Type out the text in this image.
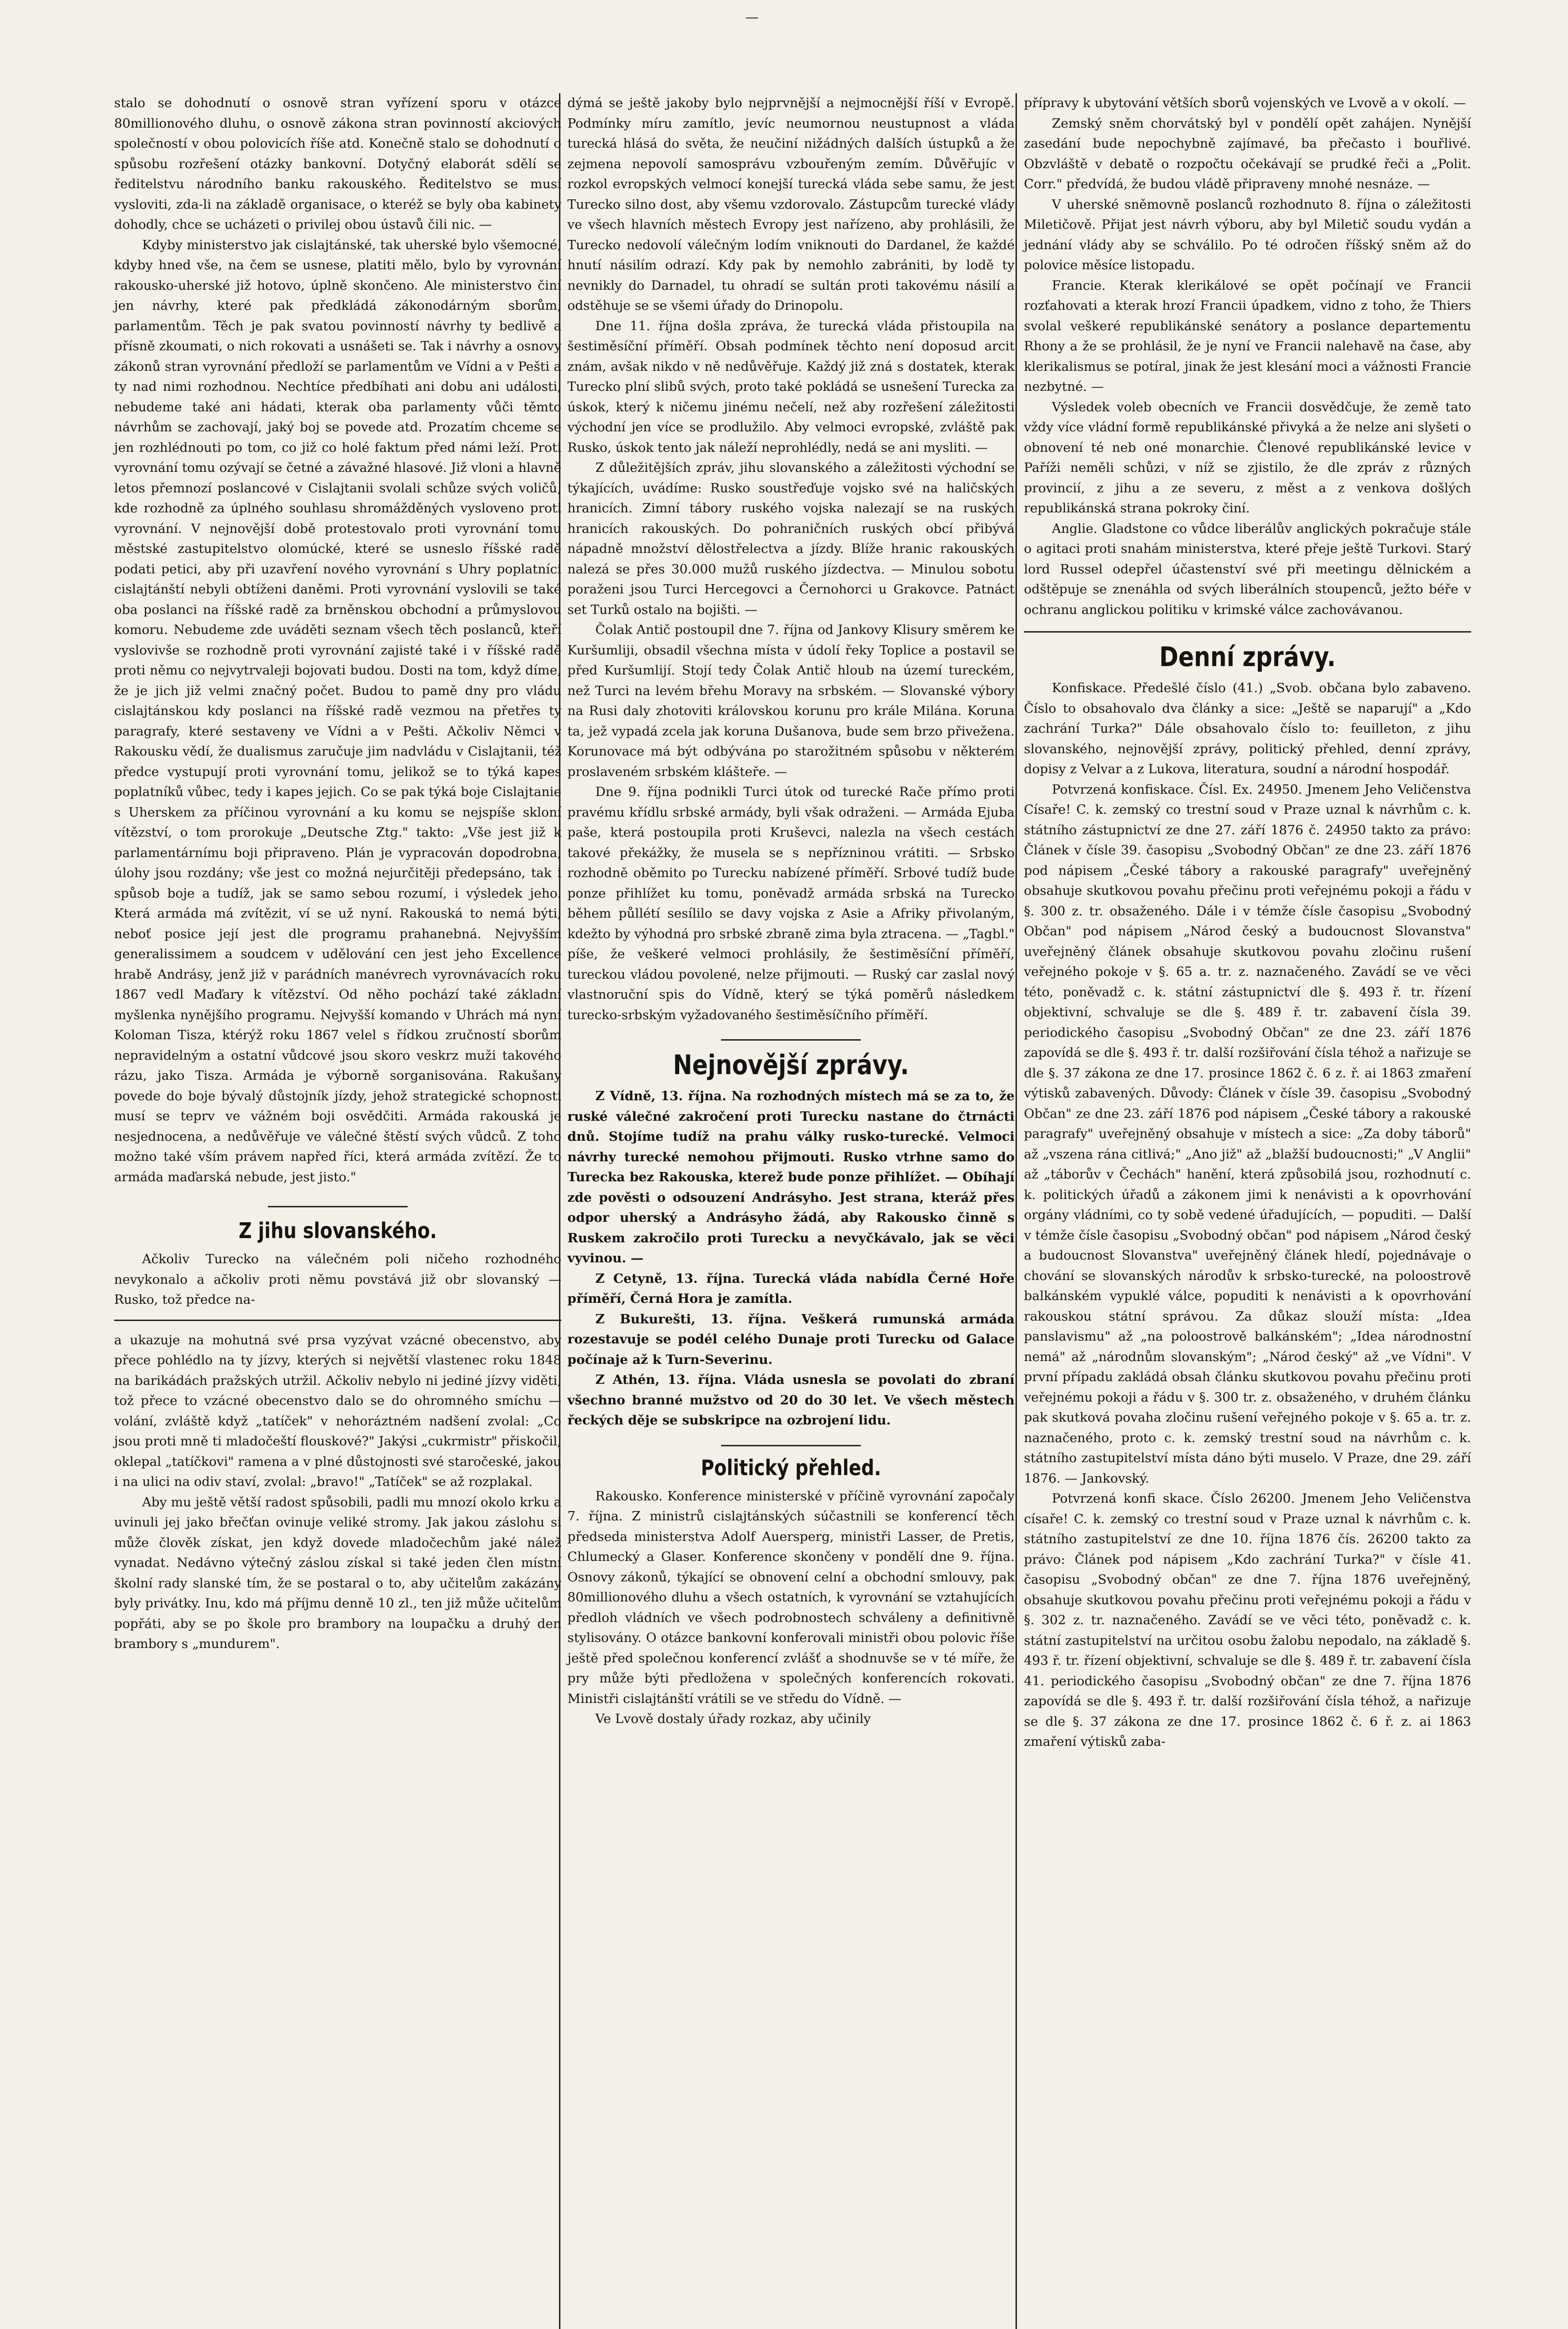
—

stalo se dohodnutí o osnově stran vyřízení sporu v otázce 80millionového dluhu, o osnově zákona stran povinností akciových společností v obou polovicích říše atd. Konečně stalo se dohodnutí o spůsobu rozřešení otázky bankovní. Dotyčný elaborát sdělí se ředitelstvu národního banku rakouského. Ředitelstvo se musí vysloviti, zda-li na základě organisace, o kteréž se byly oba kabinety dohodly, chce se ucházeti o privilej obou ústavů čili nic. —

Kdyby ministerstvo jak cislajtánské, tak uherské bylo všemocné, kdyby hned vše, na čem se usnese, platiti mělo, bylo by vyrovnání rakousko-uherské již hotovo, úplně skončeno. Ale ministerstvo činí jen návrhy, které pak předkládá zákonodárným sborům, parlamentům. Těch je pak svatou povinností návrhy ty bedlivě a přísně zkoumati, o nich rokovati a usnášeti se. Tak i návrhy a osnovy zákonů stran vyrovnání předloží se parlamentům ve Vídni a v Pešti a ty nad nimi rozhodnou. Nechtíce předbíhati ani dobu ani události, nebudeme také ani hádati, kterak oba parlamenty vůči těmto návrhům se zachovají, jaký boj se povede atd. Prozatím chceme se jen rozhlédnouti po tom, co již co holé faktum před námi leží. Proti vyrovnání tomu ozývají se četné a závažné hlasové. Již vloni a hlavně letos přemnozí poslancové v Cislajtanii svolali schůze svých voličů, kde rozhodně za úplného souhlasu shromážděných vysloveno proti vyrovnání. V nejnovější době protestovalo proti vyrovnání tomu městské zastupitelstvo olomúcké, které se usneslo říšské radě podati petici, aby při uzavření nového vyrovnání s Uhry poplatníci cislajtánští nebyli obtíženi daněmi. Proti vyrovnání vyslovili se také oba poslanci na říšské radě za brněnskou obchodní a průmyslovou komoru. Nebudeme zde uváděti seznam všech těch poslanců, kteří vyslovivše se rozhodně proti vyrovnání zajisté také i v říšské radě proti němu co nejvytrvaleji bojovati budou. Dosti na tom, když díme, že je jich již velmi značný počet. Budou to pamě dny pro vládu cislajtánskou kdy poslanci na říšské radě vezmou na přetřes ty paragrafy, které sestaveny ve Vídni a v Pešti. Ačkoliv Němci v Rakousku vědí, že dualismus zaručuje jim nadvládu v Cislajtanii, též předce vystupují proti vyrovnání tomu, jelikož se to týká kapes poplatníků vůbec, tedy i kapes jejich. Co se pak týká boje Cislajtanie s Uherskem za příčinou vyrovnání a ku komu se nejspíše skloní vítězství, o tom prorokuje „Deutsche Ztg." takto: „Vše jest již k parlamentárnímu boji připraveno. Plán je vypracován dopodrobna, úlohy jsou rozdány; vše jest co možná nejurčitěji předepsáno, tak i spůsob boje a tudíž, jak se samo sebou rozumí, i výsledek jeho. Která armáda má zvítězit, ví se už nyní. Rakouská to nemá býti, neboť posice její jest dle programu prahanebná. Nejvyšším generalissimem a soudcem v udělování cen jest jeho Excellence hrabě Andrásy, jenž již v parádních manévrech vyrovnávacích roku 1867 vedl Maďary k vítězství. Od něho pochází také základní myšlenka nynějšího programu. Nejvyšší komando v Uhrách má nyní Koloman Tisza, ktérýž roku 1867 velel s řídkou zručností sborům nepravidelným a ostatní vůdcové jsou skoro veskrz muži takového rázu, jako Tisza. Armáda je výborně sorganisována. Rakušany povede do boje bývalý důstojník jízdy, jehož strategické schopnosti musí se teprv ve vážném boji osvědčiti. Armáda rakouská je nesjednocena, a nedůvěřuje ve válečné štěstí svých vůdců. Z toho možno také vším právem napřed říci, která armáda zvítězí. Že to armáda maďarská nebude, jest jisto."

Z jihu slovanského.

Ačkoliv Turecko na válečném poli ničeho rozhodného nevykonalo a ačkoliv proti němu povstává již obr slovanský — Rusko, tož předce na-

a ukazuje na mohutná své prsa vyzývat vzácné obecenstvo, aby přece pohlédlo na ty jízvy, kterých si největší vlastenec roku 1848 na barikádách pražských utržil. Ačkoliv nebylo ni jediné jízvy viděti, tož přece to vzácné obecenstvo dalo se do ohromného smíchu — volání, zvláště když „tatíček" v nehoráztném nadšení zvolal: „Co jsou proti mně ti mladočeští flouskové?" Jakýsi „cukrmistr" přiskočil, oklepal „tatíčkovi" ramena a v plné důstojnosti své staročeské, jakou i na ulici na odiv staví, zvolal: „bravo!" „Tatíček" se až rozplakal.

Aby mu ještě větší radost spůsobili, padli mu mnozí okolo krku a uvinuli jej jako břečťan ovinuje veliké stromy. Jak jakou záslohu si může člověk získat, jen když dovede mladočechům jaké nálež vynadat. Nedávno výtečný záslou získal si také jeden člen místní školní rady slanské tím, že se postaral o to, aby učitelům zakázány byly privátky. Inu, kdo má příjmu denně 10 zl., ten již může učitelům popřáti, aby se po škole pro brambory na loupačku a druhý den brambory s „mundurem".

dýmá se ještě jakoby bylo nejprvnější a nejmocnější říší v Evropě. Podmínky míru zamítlo, jevíc neumornou neustupnost a vláda turecká hlásá do světa, že neučiní nižádných dalších ústupků a že zejmena nepovolí samosprávu vzbouřeným zemím. Důvěřujíc v rozkol evropských velmocí konejší turecká vláda sebe samu, že jest Turecko silno dost, aby všemu vzdorovalo. Zástupcům turecké vlády ve všech hlavních městech Evropy jest nařízeno, aby prohlásili, že Turecko nedovolí válečným lodím vniknouti do Dardanel, že každé hnutí násilím odrazí. Kdy pak by nemohlo zabrániti, by lodě ty nevnikly do Darnadel, tu ohradí se sultán proti takovému násilí a odstěhuje se se všemi úřady do Drinopolu.

Dne 11. října došla zpráva, že turecká vláda přistoupila na šestiměsíční příměří. Obsah podmínek těchto není doposud arcit znám, avšak nikdo v ně nedůvěřuje. Každý již zná s dostatek, kterak Turecko plní slibů svých, proto také pokládá se usnešení Turecka za úskok, který k ničemu jinému nečelí, než aby rozřešení záležitosti východní jen více se prodlužilo. Aby velmoci evropské, zvláště pak Rusko, úskok tento jak náleží neprohlédly, nedá se ani mysliti. —

Z důležitějších zpráv, jihu slovanského a záležitosti východní se týkajících, uvádíme: Rusko soustřeďuje vojsko své na haličských hranicích. Zimní tábory ruského vojska nalezají se na ruských hranicích rakouských. Do pohraničních ruských obcí přibývá nápadně množství dělostřelectva a jízdy. Blíže hranic rakouských nalezá se přes 30.000 mužů ruského jízdectva. — Minulou sobotu poraženi jsou Turci Hercegovci a Černohorci u Grakovce. Patnáct set Turků ostalo na bojišti. —

Čolak Antič postoupil dne 7. října od Jankovy Klisury směrem ke Kuršumliji, obsadil všechna místa v údolí řeky Toplice a postavil se před Kuršumlijí. Stojí tedy Čolak Antič hloub na území tureckém, než Turci na levém břehu Moravy na srbském. — Slovanské výbory na Rusi daly zhotoviti královskou korunu pro krále Milána. Koruna ta, jež vypadá zcela jak koruna Dušanova, bude sem brzo přivežena. Korunovace má být odbývána po starožitném spůsobu v některém proslaveném srbském klášteře. —

Dne 9. října podnikli Turci útok od turecké Rače přímo proti pravému křídlu srbské armády, byli však odraženi. — Armáda Ejuba paše, která postoupila proti Kruševci, nalezla na všech cestách takové překážky, že musela se s nepřízninou vrátiti. — Srbsko rozhodně oběmito po Turecku nabízené příměří. Srbové tudíž bude ponze přihlížet ku tomu, poněvadž armáda srbská na Turecko během půllétí sesílilo se davy vojska z Asie a Afriky přivolaným, kdežto by výhodná pro srbské zbraně zima byla ztracena. — „Tagbl." píše, že veškeré velmoci prohlásily, že šestiměsíční příměří, tureckou vládou povolené, nelze přijmouti. — Ruský car zaslal nový vlastnoruční spis do Vídně, který se týká poměrů následkem turecko-srbským vyžadovaného šestiměsíčního příměří.

Nejnovější zprávy.

Z Vídně, 13. října. Na rozhodných místech má se za to, že ruské válečné zakročení proti Turecku nastane do čtrnácti dnů. Stojíme tudíž na prahu války rusko-turecké. Velmoci návrhy turecké nemohou přijmouti. Rusko vtrhne samo do Turecka bez Rakouska, kterež bude ponze přihlížet. — Obíhají zde pověsti o odsouzení Andrásyho. Jest strana, kteráž přes odpor uherský a Andrásyho žádá, aby Rakousko činně s Ruskem zakročilo proti Turecku a nevyčkávalo, jak se věci vyvinou. —

Z Cetyně, 13. října. Turecká vláda nabídla Černé Hoře příměří, Černá Hora je zamítla.

Z Bukurešti, 13. října. Veškerá rumunská armáda rozestavuje se podél celého Dunaje proti Turecku od Galace počínaje až k Turn-Severinu.

Z Athén, 13. října. Vláda usnesla se povolati do zbraní všechno branné mužstvo od 20 do 30 let. Ve všech městech řeckých děje se subskripce na ozbrojení lidu.

Politický přehled.

Rakousko. Konference ministerské v příčině vyrovnání započaly 7. října. Z ministrů cislajtánských súčastnili se konferencí těch předseda ministerstva Adolf Auersperg, ministři Lasser, de Pretis, Chlumecký a Glaser. Konference skončeny v pondělí dne 9. října. Osnovy zákonů, týkající se obnovení celní a obchodní smlouvy, pak 80millionového dluhu a všech ostatních, k vyrovnání se vztahujících předloh vládních ve všech podrobnostech schváleny a definitivně stylisovány. O otázce bankovní konferovali ministři obou polovic říše ještě před společnou konferencí zvlášť a shodnuvše se v té míře, že pry může býti předložena v společných konferencích rokovati. Ministři cislajtánští vrátili se ve středu do Vídně. —

Ve Lvově dostaly úřady rozkaz, aby učinily

přípravy k ubytování větších sborů vojenských ve Lvově a v okolí. —

Zemský sněm chorvátský byl v pondělí opět zahájen. Nynější zasedání bude nepochybně zajímavé, ba přečasto i bouřlivé. Obzvláště v debatě o rozpočtu očekávají se prudké řeči a „Polit. Corr." předvídá, že budou vládě připraveny mnohé nesnáze. —

V uherské sněmovně poslanců rozhodnuto 8. října o záležitosti Miletičově. Přijat jest návrh výboru, aby byl Miletič soudu vydán a jednání vlády aby se schválilo. Po té odročen říšský sněm až do polovice měsíce listopadu.

Francie. Kterak klerikálové se opět počínají ve Francii rozťahovati a kterak hrozí Francii úpadkem, vidno z toho, že Thiers svolal veškeré republikánské senátory a poslance departementu Rhony a že se prohlásil, že je nyní ve Francii nalehavě na čase, aby klerikalismus se potíral, jinak že jest klesání moci a vážnosti Francie nezbytné. —

Výsledek voleb obecních ve Francii dosvědčuje, že země tato vždy více vládní formě republikánské přivyká a že nelze ani slyšeti o obnovení té neb oné monarchie. Členové republikánské levice v Paříži neměli schůzi, v níž se zjistilo, že dle zpráv z různých provincií, z jihu a ze severu, z měst a z venkova došlých republikánská strana pokroky činí.

Anglie. Gladstone co vůdce liberálův anglických pokračuje stále o agitaci proti snahám ministerstva, které přeje ještě Turkovi. Starý lord Russel odepřel účastenství své při meetingu dělnickém a odštěpuje se znenáhla od svých liberálních stoupenců, ježto béře v ochranu anglickou politiku v krimské válce zachovávanou.

Denní zprávy.

Konfiskace. Předešlé číslo (41.) „Svob. občana bylo zabaveno. Číslo to obsahovalo dva články a sice: „Ještě se naparují" a „Kdo zachrání Turka?" Dále obsahovalo číslo to: feuilleton, z jihu slovanského, nejnovější zprávy, politický přehled, denní zprávy, dopisy z Velvar a z Lukova, literatura, soudní a národní hospodář.

Potvrzená konfiskace. Čísl. Ex. 24950. Jmenem Jeho Veličenstva Císaře! C. k. zemský co trestní soud v Praze uznal k návrhům c. k. státního zástupnictví ze dne 27. září 1876 č. 24950 takto za právo: Článek v čísle 39. časopisu „Svobodný Občan" ze dne 23. září 1876 pod nápisem „České tábory a rakouské paragrafy" uveřejněný obsahuje skutkovou povahu přečinu proti veřejnému pokoji a řádu v §. 300 z. tr. obsaženého. Dále i v témže čísle časopisu „Svobodný Občan" pod nápisem „Národ český a budoucnost Slovanstva" uveřejněný článek obsahuje skutkovou povahu zločinu rušení veřejného pokoje v §. 65 a. tr. z. naznačeného. Zavádí se ve věci této, poněvadž c. k. státní zástupnictví dle §. 493 ř. tr. řízení objektivní, schvaluje se dle §. 489 ř. tr. zabavení čísla 39. periodického časopisu „Svobodný Občan" ze dne 23. září 1876 zapovídá se dle §. 493 ř. tr. další rozšiřování čísla téhož a nařizuje se dle §. 37 zákona ze dne 17. prosince 1862 č. 6 z. ř. ai 1863 zmaření výtisků zabavených. Důvody: Článek v čísle 39. časopisu „Svobodný Občan" ze dne 23. září 1876 pod nápisem „České tábory a rakouské paragrafy" uveřejněný obsahuje v místech a sice: „Za doby táborů" až „vszena rána citlivá;" „Ano již" až „blažší budoucnosti;" „V Anglii" až „táborův v Čechách" hanění, která způsobilá jsou, rozhodnutí c. k. politických úřadů a zákonem jimi k nenávisti a k opovrhování orgány vládními, co ty sobě vedené úřadujících, — popuditi. — Další v témže čísle časopisu „Svobodný občan" pod nápisem „Národ český a budoucnost Slovanstva" uveřejněný článek hledí, pojednávaje o chování se slovanských národův k srbsko-turecké, na poloostrově balkánském vypuklé válce, popuditi k nenávisti a k opovrhování rakouskou státní správou. Za důkaz slouží místa: „Idea panslavismu" až „na poloostrově balkánském"; „Idea národnostní nemá" až „národnům slovanským"; „Národ český" až „ve Vídni". V první případu zakládá obsah článku skutkovou povahu přečinu proti veřejnému pokoji a řádu v §. 300 tr. z. obsaženého, v druhém článku pak skutková povaha zločinu rušení veřejného pokoje v §. 65 a. tr. z. naznačeného, proto c. k. zemský trestní soud na návrhům c. k. státního zastupitelství místa dáno býti muselo. V Praze, dne 29. září 1876. — Jankovský.

Potvrzená konfi skace. Číslo 26200. Jmenem Jeho Veličenstva císaře! C. k. zemský co trestní soud v Praze uznal k návrhům c. k. státního zastupitelství ze dne 10. října 1876 čís. 26200 takto za právo: Článek pod nápisem „Kdo zachrání Turka?" v čísle 41. časopisu „Svobodný občan" ze dne 7. října 1876 uveřejněný, obsahuje skutkovou povahu přečinu proti veřejnému pokoji a řádu v §. 302 z. tr. naznačeného. Zavádí se ve věci této, poněvadž c. k. státní zastupitelství na určitou osobu žalobu nepodalo, na základě §. 493 ř. tr. řízení objektivní, schvaluje se dle §. 489 ř. tr. zabavení čísla 41. periodického časopisu „Svobodný občan" ze dne 7. října 1876 zapovídá se dle §. 493 ř. tr. další rozšiřování čísla téhož, a nařizuje se dle §. 37 zákona ze dne 17. prosince 1862 č. 6 ř. z. ai 1863 zmaření výtisků zaba-
